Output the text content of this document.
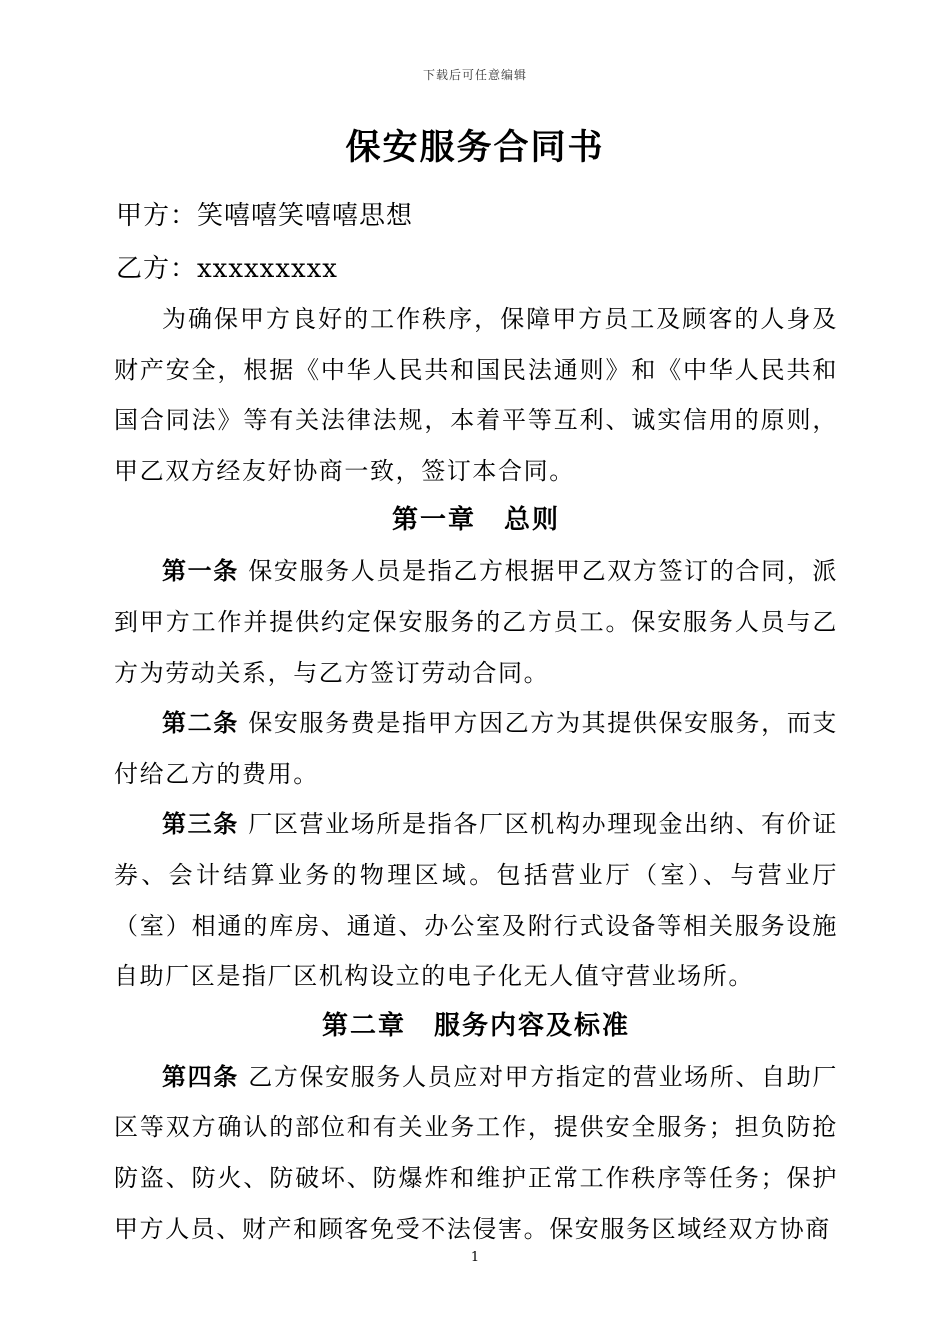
下载后可任意编辑
保安服务合同书

甲方：笑嘻嘻笑嘻嘻思想

乙方：xxxxxxxxx

为确保甲方良好的工作秩序，保障甲方员工及顾客的人身及财产安全，根据《中华人民共和国民法通则》和《中华人民共和国合同法》等有关法律法规，本着平等互利、诚实信用的原则，甲乙双方经友好协商一致，签订本合同。

第一章　总则

第一条 保安服务人员是指乙方根据甲乙双方签订的合同，派到甲方工作并提供约定保安服务的乙方员工。保安服务人员与乙方为劳动关系，与乙方签订劳动合同。

第二条 保安服务费是指甲方因乙方为其提供保安服务，而支付给乙方的费用。

第三条 厂区营业场所是指各厂区机构办理现金出纳、有价证券、会计结算业务的物理区域。包括营业厅（室）、与营业厅（室）相通的库房、通道、办公室及附行式设备等相关服务设施自助厂区是指厂区机构设立的电子化无人值守营业场所。

第二章　服务内容及标准

第四条 乙方保安服务人员应对甲方指定的营业场所、自助厂区等双方确认的部位和有关业务工作，提供安全服务；担负防抢防盗、防火、防破坏、防爆炸和维护正常工作秩序等任务；保护甲方人员、财产和顾客免受不法侵害。保安服务区域经双方协商

1
